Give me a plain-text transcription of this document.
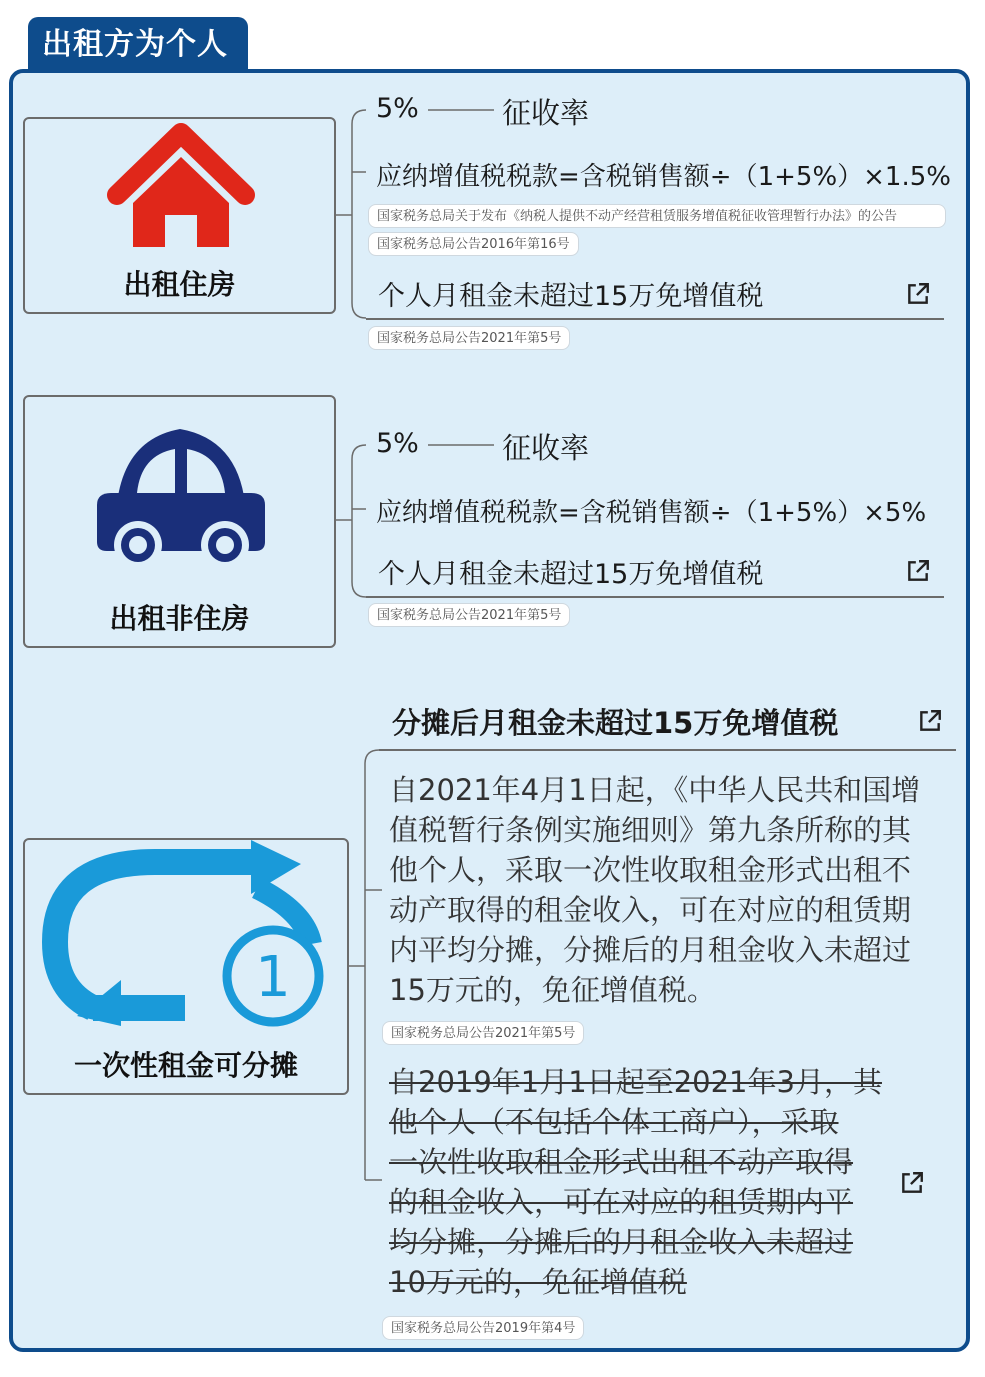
出租方为个人
出租住房
5%	征收率
应纳增值税税款=含税销售额÷（1+5%）×1.5%
国家税务总局关于发布《纳税人提供不动产经营租赁服务增值税征收管理暂行办法》的公告
国家税务总局公告2016年第16号
个人月租金未超过15万免增值税
国家税务总局公告2021年第5号
出租非住房
5%	征收率
应纳增值税税款=含税销售额÷（1+5%）×5%
个人月租金未超过15万免增值税
国家税务总局公告2021年第5号
1
一次性租金可分摊
分摊后月租金未超过15万免增值税
自2021年4月1日起，《中华人民共和国增
值税暂行条例实施细则》第九条所称的其
他个人，采取一次性收取租金形式出租不
动产取得的租金收入，可在对应的租赁期
内平均分摊，分摊后的月租金收入未超过
15万元的，免征增值税。
国家税务总局公告2021年第5号
自2019年1月1日起至2021年3月，其
他个人（不包括个体工商户），采取
一次性收取租金形式出租不动产取得
的租金收入，可在对应的租赁期内平
均分摊，分摊后的月租金收入未超过
10万元的，免征增值税
国家税务总局公告2019年第4号
